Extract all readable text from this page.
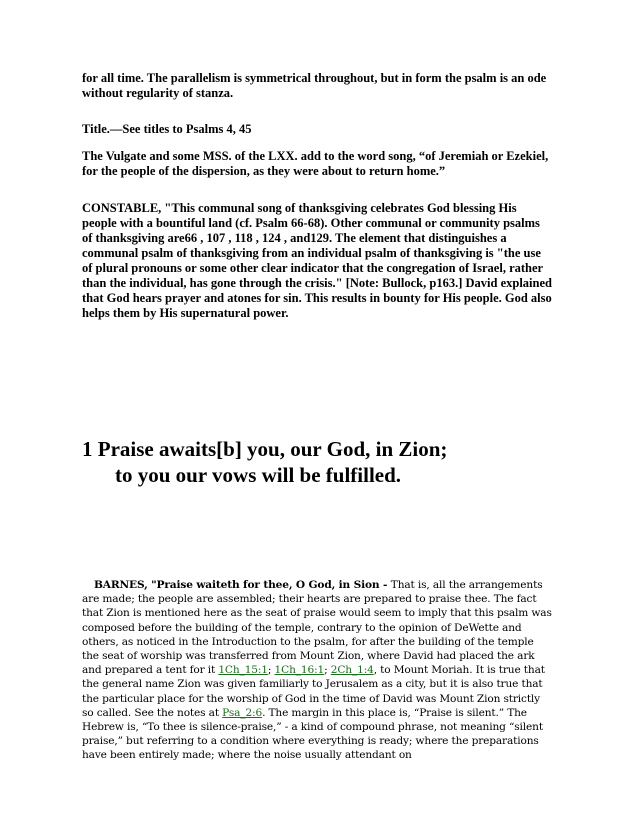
for all time. The parallelism is symmetrical throughout, but in form the psalm is an ode without regularity of stanza.

Title.—See titles to Psalms 4, 45

The Vulgate and some MSS. of the LXX. add to the word song, “of Jeremiah or Ezekiel, for the people of the dispersion, as they were about to return home.”

CONSTABLE, "This communal song of thanksgiving celebrates God blessing His people with a bountiful land (cf. Psalm 66-68). Other communal or community psalms of thanksgiving are66 , 107 , 118 , 124 , and129. The element that distinguishes a communal psalm of thanksgiving from an individual psalm of thanksgiving is "the use of plural pronouns or some other clear indicator that the congregation of Israel, rather than the individual, has gone through the crisis." [Note: Bullock, p163.] David explained that God hears prayer and atones for sin. This results in bounty for His people. God also helps them by His supernatural power.

1 Praise awaits[b] you, our God, in Zion;
to you our vows will be fulfilled.

BARNES, "Praise waiteth for thee, O God, in Sion - That is, all the arrangements are made; the people are assembled; their hearts are prepared to praise thee. The fact that Zion is mentioned here as the seat of praise would seem to imply that this psalm was composed before the building of the temple, contrary to the opinion of DeWette and others, as noticed in the Introduction to the psalm, for after the building of the temple the seat of worship was transferred from Mount Zion, where David had placed the ark and prepared a tent for it 1Ch_15:1; 1Ch_16:1; 2Ch_1:4, to Mount Moriah. It is true that the general name Zion was given familiarly to Jerusalem as a city, but it is also true that the particular place for the worship of God in the time of David was Mount Zion strictly so called. See the notes at Psa_2:6. The margin in this place is, “Praise is silent.” The Hebrew is, “To thee is silence-praise,” - a kind of compound phrase, not meaning “silent praise,” but referring to a condition where everything is ready; where the preparations have been entirely made; where the noise usually attendant on
